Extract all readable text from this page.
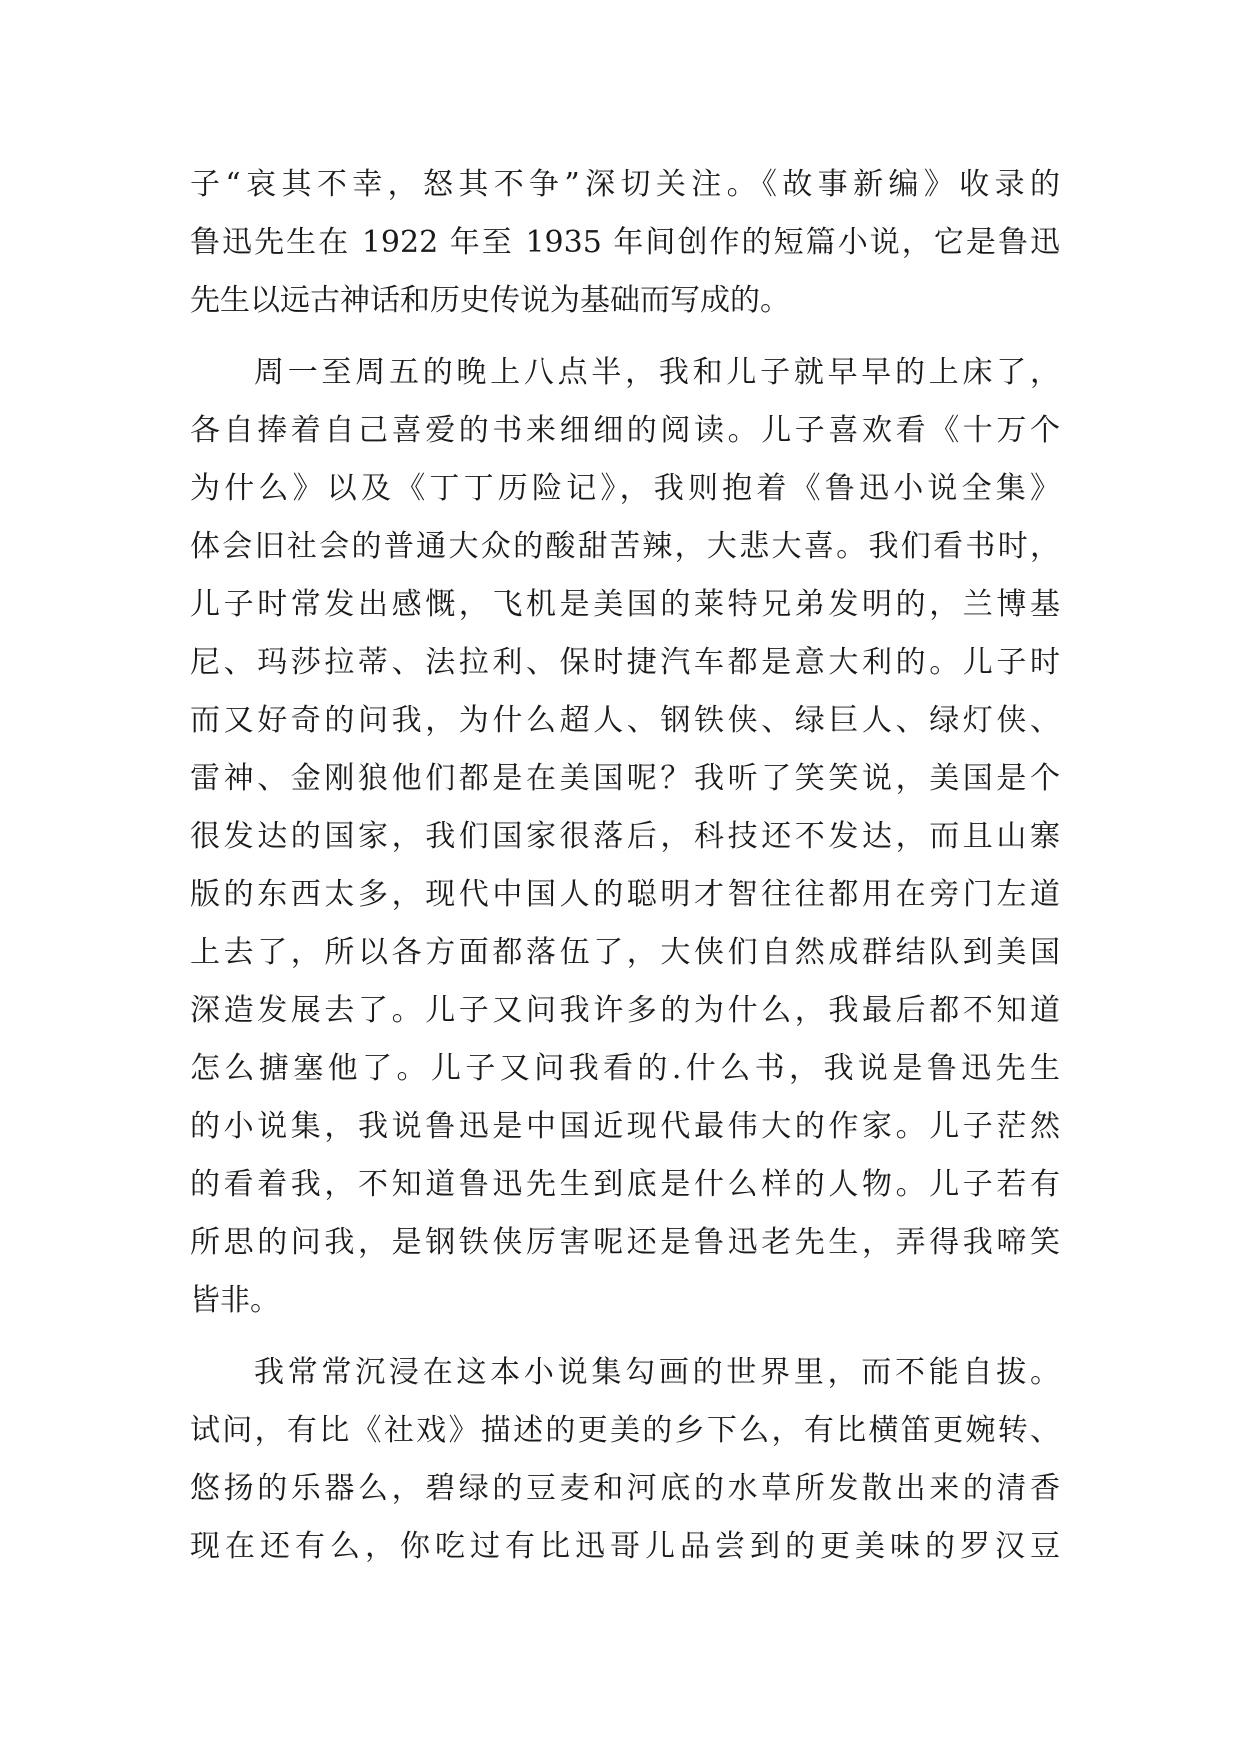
子“哀其不幸，怒其不争”深切关注。《故事新编》收录的
鲁迅先生在 1922 年至 1935 年间创作的短篇小说，它是鲁迅
先生以远古神话和历史传说为基础而写成的。
周一至周五的晚上八点半，我和儿子就早早的上床了，
各自捧着自己喜爱的书来细细的阅读。儿子喜欢看《十万个
为什么》以及《丁丁历险记》，我则抱着《鲁迅小说全集》
体会旧社会的普通大众的酸甜苦辣，大悲大喜。我们看书时，
儿子时常发出感慨，飞机是美国的莱特兄弟发明的，兰博基
尼、玛莎拉蒂、法拉利、保时捷汽车都是意大利的。儿子时
而又好奇的问我，为什么超人、钢铁侠、绿巨人、绿灯侠、
雷神、金刚狼他们都是在美国呢？我听了笑笑说，美国是个
很发达的国家，我们国家很落后，科技还不发达，而且山寨
版的东西太多，现代中国人的聪明才智往往都用在旁门左道
上去了，所以各方面都落伍了，大侠们自然成群结队到美国
深造发展去了。儿子又问我许多的为什么，我最后都不知道
怎么搪塞他了。儿子又问我看的.什么书，我说是鲁迅先生
的小说集，我说鲁迅是中国近现代最伟大的作家。儿子茫然
的看着我，不知道鲁迅先生到底是什么样的人物。儿子若有
所思的问我，是钢铁侠厉害呢还是鲁迅老先生，弄得我啼笑
皆非。
我常常沉浸在这本小说集勾画的世界里，而不能自拔。
试问，有比《社戏》描述的更美的乡下么，有比横笛更婉转、
悠扬的乐器么，碧绿的豆麦和河底的水草所发散出来的清香
现在还有么，你吃过有比迅哥儿品尝到的更美味的罗汉豆
